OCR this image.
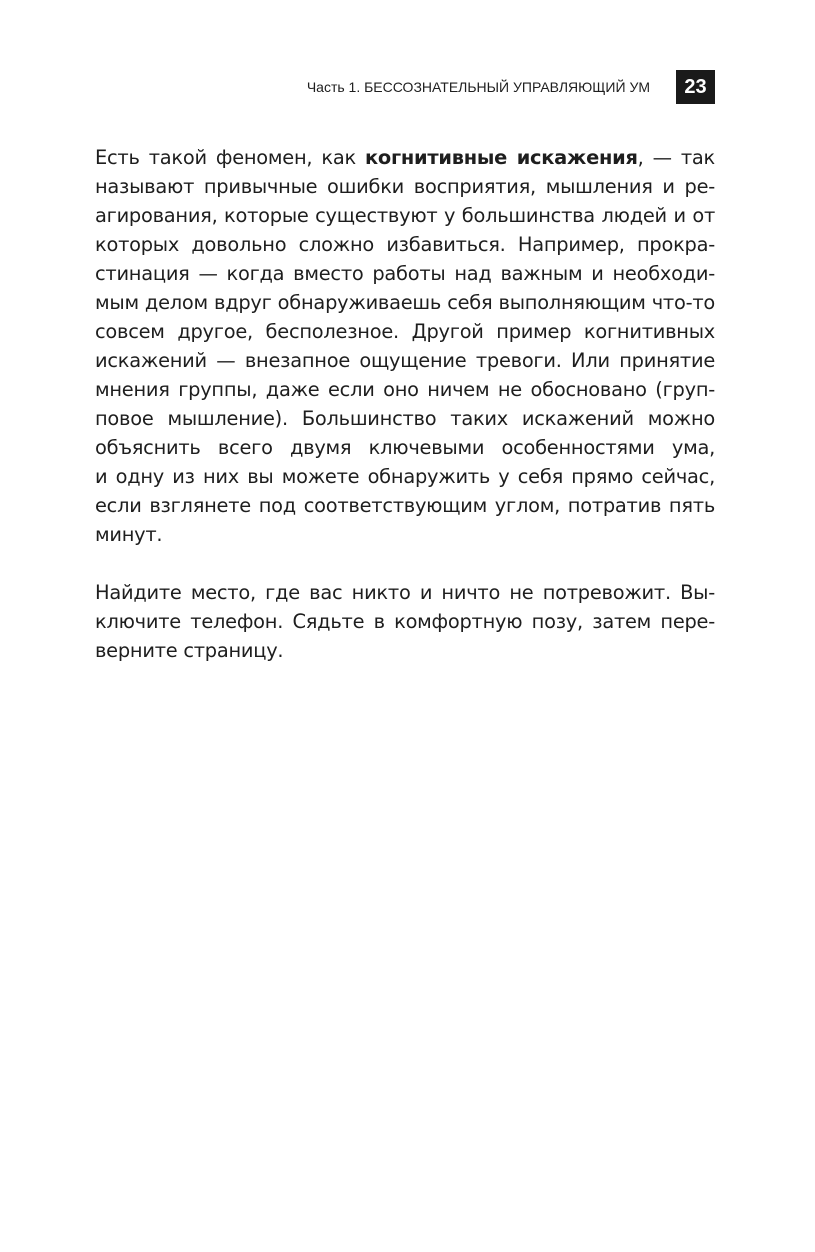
Часть 1. БЕССОЗНАТЕЛЬНЫЙ УПРАВЛЯЮЩИЙ УМ	23
Есть такой феномен, как когнитивные искажения, — так
называют привычные ошибки восприятия, мышления и ре-
агирования, которые существуют у большинства людей и от
которых довольно сложно избавиться. Например, прокра-
стинация — когда вместо работы над важным и необходи-
мым делом вдруг обнаруживаешь себя выполняющим что-то
совсем другое, бесполезное. Другой пример когнитивных
искажений — внезапное ощущение тревоги. Или принятие
мнения группы, даже если оно ничем не обосновано (груп-
повое мышление). Большинство таких искажений можно
объяснить всего двумя ключевыми особенностями ума,
и одну из них вы можете обнаружить у себя прямо сейчас,
если взглянете под соответствующим углом, потратив пять
минут.
Найдите место, где вас никто и ничто не потревожит. Вы-
ключите телефон. Сядьте в комфортную позу, затем пере-
верните страницу.
